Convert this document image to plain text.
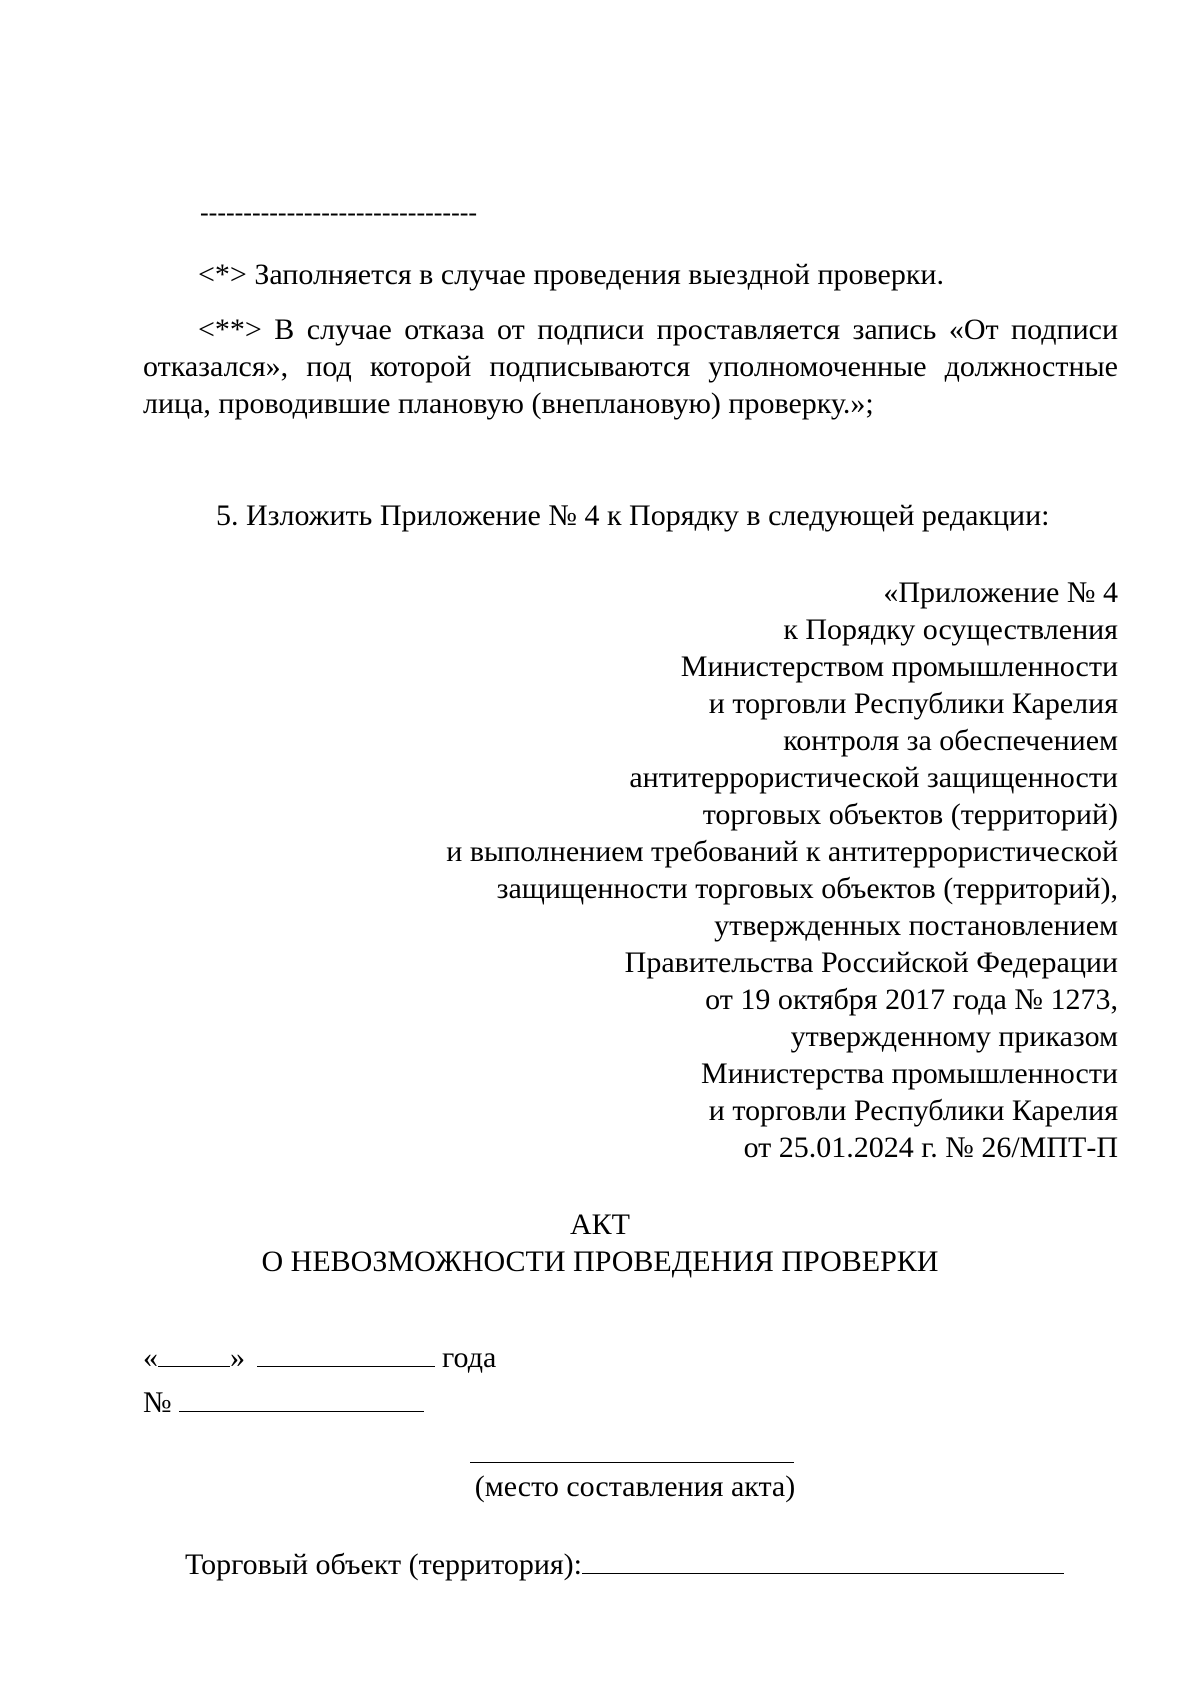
--------------------------------
<*> Заполняется в случае проведения выездной проверки.

<**> В случае отказа от подписи проставляется запись «От подписи отказался», под которой подписываются уполномоченные должностные лица, проводившие плановую (внеплановую) проверку.»;

5. Изложить Приложение № 4 к Порядку в следующей редакции:

«Приложение № 4
к Порядку осуществления
Министерством промышленности
и торговли Республики Карелия
контроля за обеспечением
антитеррористической защищенности
торговых объектов (территорий)
и выполнением требований к антитеррористической
защищенности торговых объектов (территорий),
утвержденных постановлением
Правительства Российской Федерации
от 19 октября 2017 года № 1273,
утвержденному приказом
Министерства промышленности
и торговли Республики Карелия
от 25.01.2024 г. № 26/МПТ-П
АКТ
О НЕВОЗМОЖНОСТИ ПРОВЕДЕНИЯ ПРОВЕРКИ
« »	года
№
(место составления акта)
Торговый объект (территория):
